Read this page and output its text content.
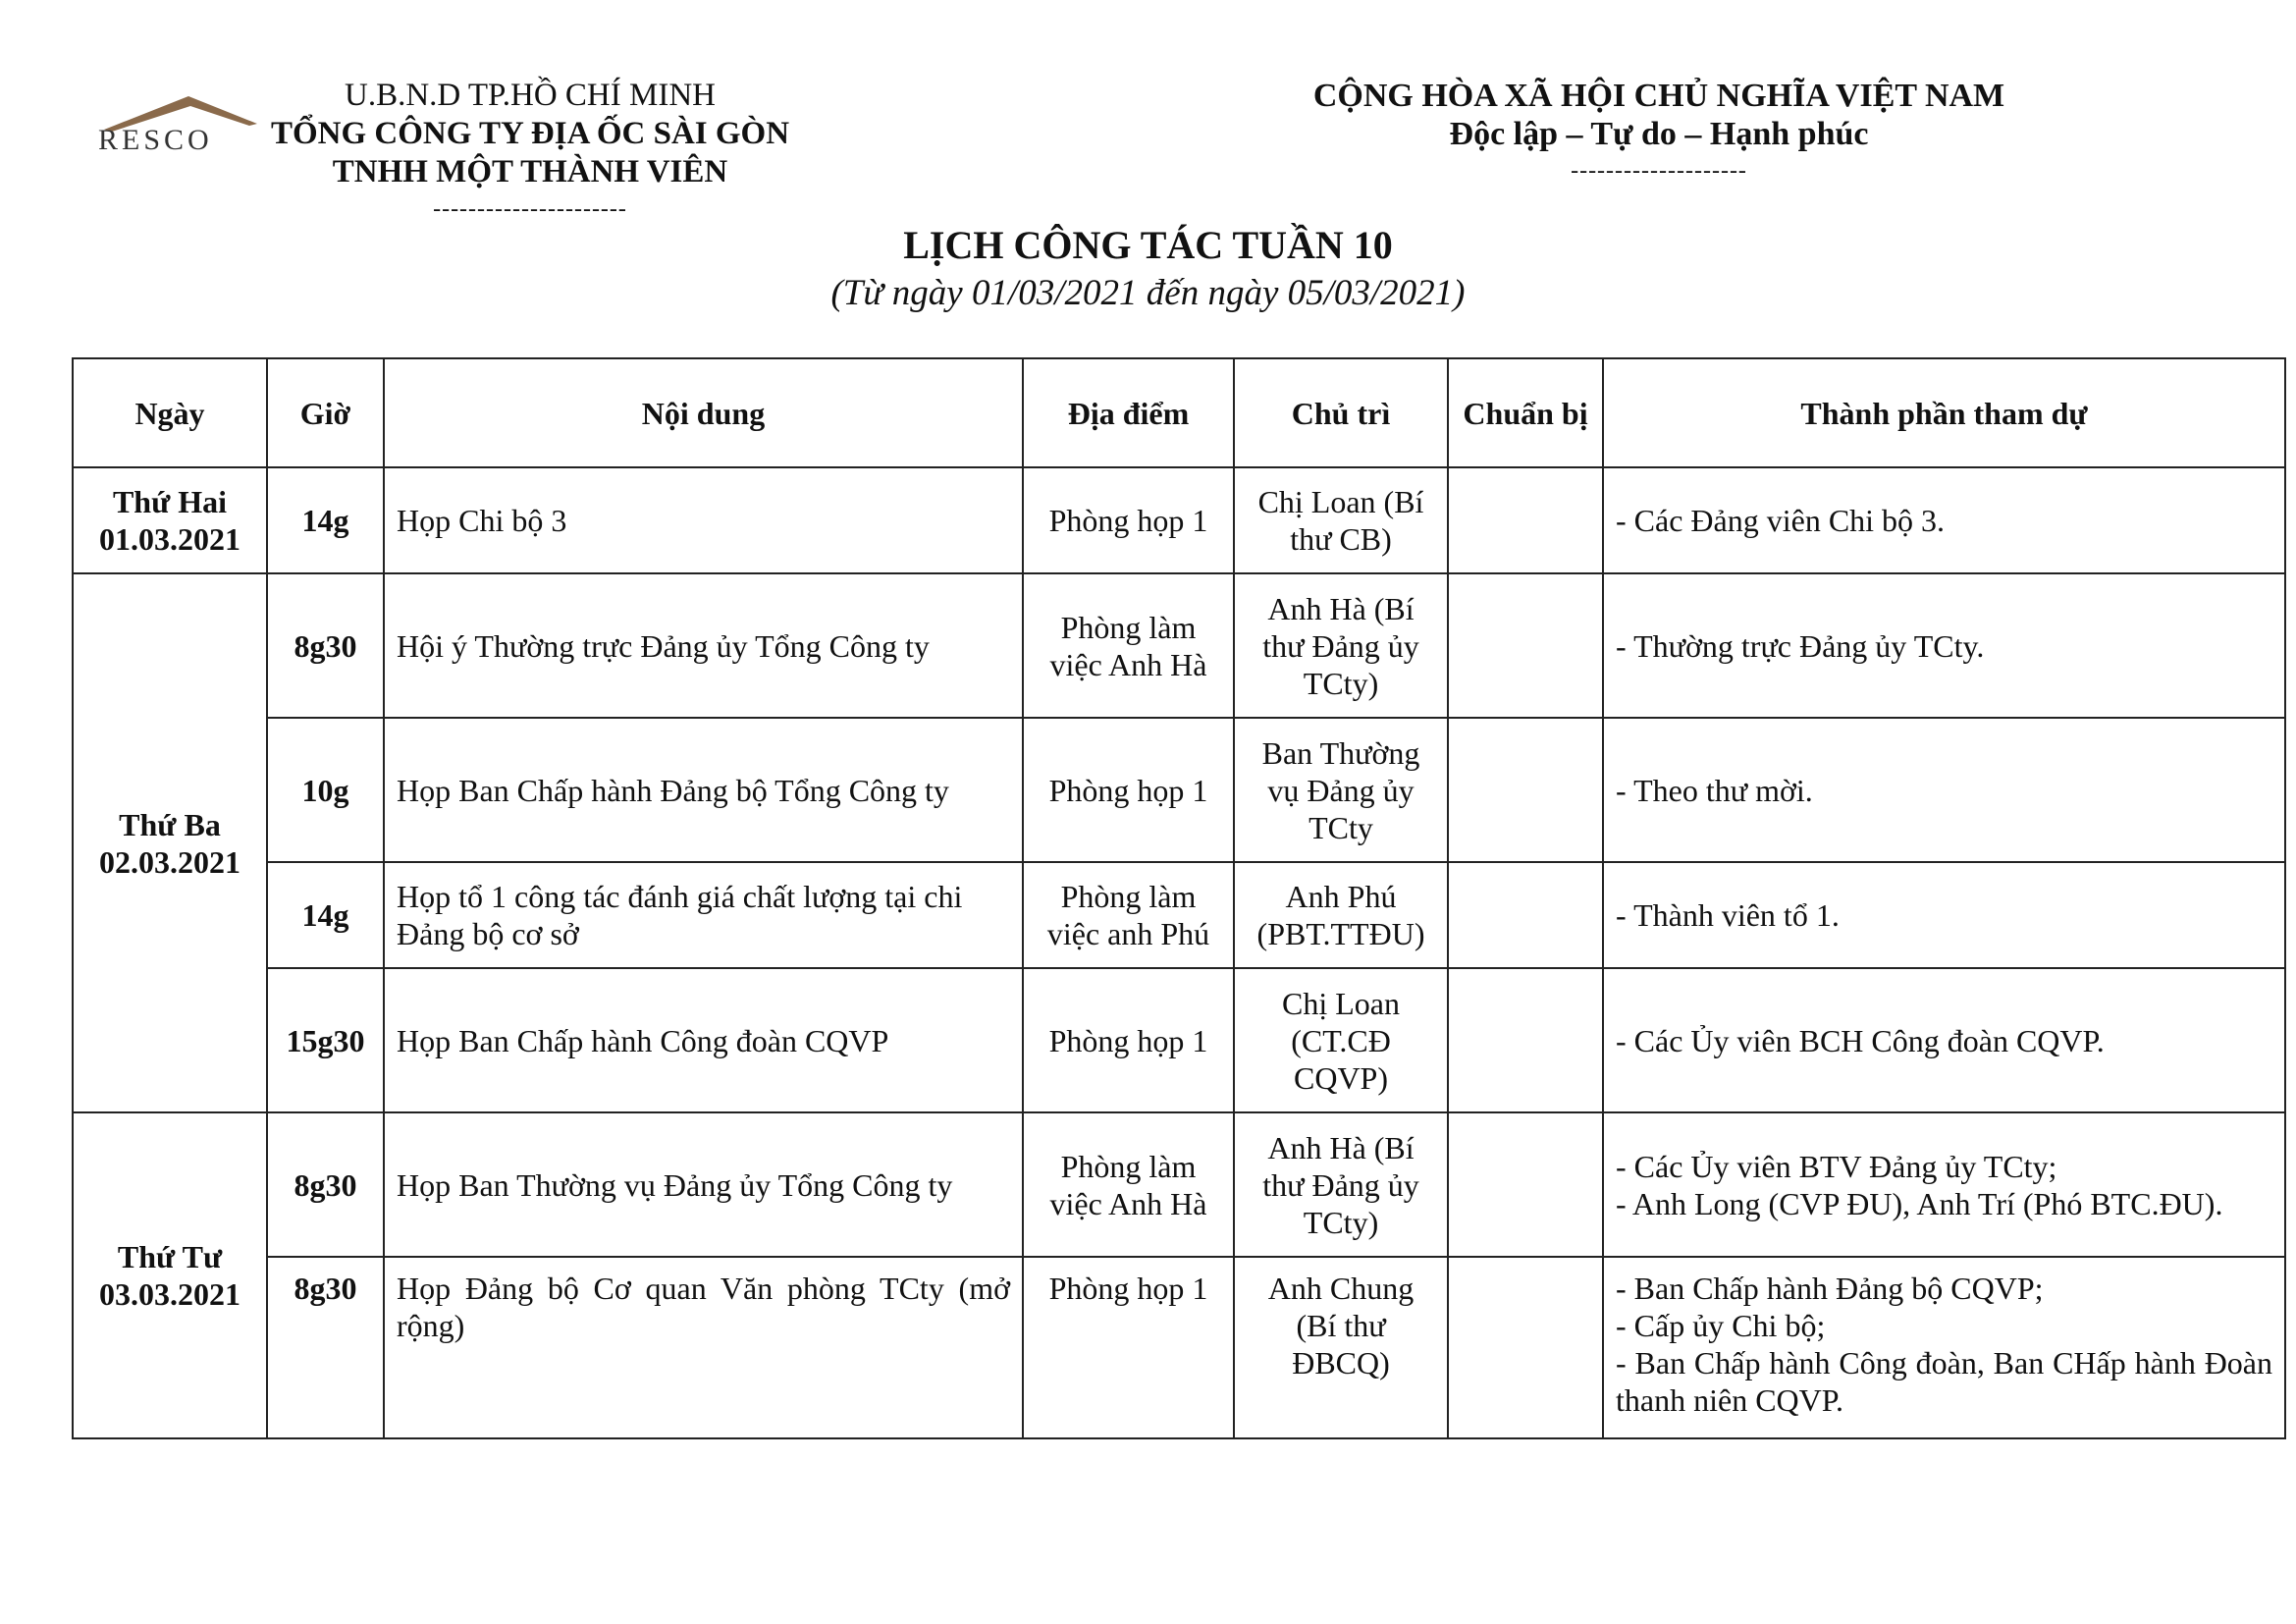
RESCO
U.B.N.D TP.HỒ CHÍ MINH
TỔNG CÔNG TY ĐỊA ỐC SÀI GÒN
TNHH MỘT THÀNH VIÊN
----------------------
CỘNG HÒA XÃ HỘI CHỦ NGHĨA VIỆT NAM
Độc lập – Tự do – Hạnh phúc
--------------------
LỊCH CÔNG TÁC TUẦN 10
(Từ ngày 01/03/2021 đến ngày 05/03/2021)
Ngày	Giờ	Nội dung	Địa điểm	Chủ trì	Chuẩn bị	Thành phần tham dự

Thứ Hai
01.03.2021	14g	Họp Chi bộ 3	Phòng họp 1	Chị Loan (Bí thư CB)		- Các Đảng viên Chi bộ 3.

Thứ Ba
02.03.2021	8g30	Hội ý Thường trực Đảng ủy Tổng Công ty	Phòng làm việc Anh Hà	Anh Hà (Bí thư Đảng ủy TCty)		- Thường trực Đảng ủy TCty.

	10g	Họp Ban Chấp hành Đảng bộ Tổng Công ty	Phòng họp 1	Ban Thường vụ Đảng ủy TCty		- Theo thư mời.

	14g	Họp tổ 1 công tác đánh giá chất lượng tại chi Đảng bộ cơ sở	Phòng làm việc anh Phú	Anh Phú (PBT.TTĐU)		- Thành viên tổ 1.

	15g30	Họp Ban Chấp hành Công đoàn CQVP	Phòng họp 1	Chị Loan (CT.CĐ CQVP)		- Các Ủy viên BCH Công đoàn CQVP.

Thứ Tư
03.03.2021	8g30	Họp Ban Thường vụ Đảng ủy Tổng Công ty	Phòng làm việc Anh Hà	Anh Hà (Bí thư Đảng ủy TCty)		- Các Ủy viên BTV Đảng ủy TCty;
- Anh Long (CVP ĐU), Anh Trí (Phó BTC.ĐU).

	8g30	Họp Đảng bộ Cơ quan Văn phòng TCty (mở rộng)	Phòng họp 1	Anh Chung (Bí thư ĐBCQ)		- Ban Chấp hành Đảng bộ CQVP;
- Cấp ủy Chi bộ;
- Ban Chấp hành Công đoàn, Ban CHấp hành Đoàn thanh niên CQVP.
